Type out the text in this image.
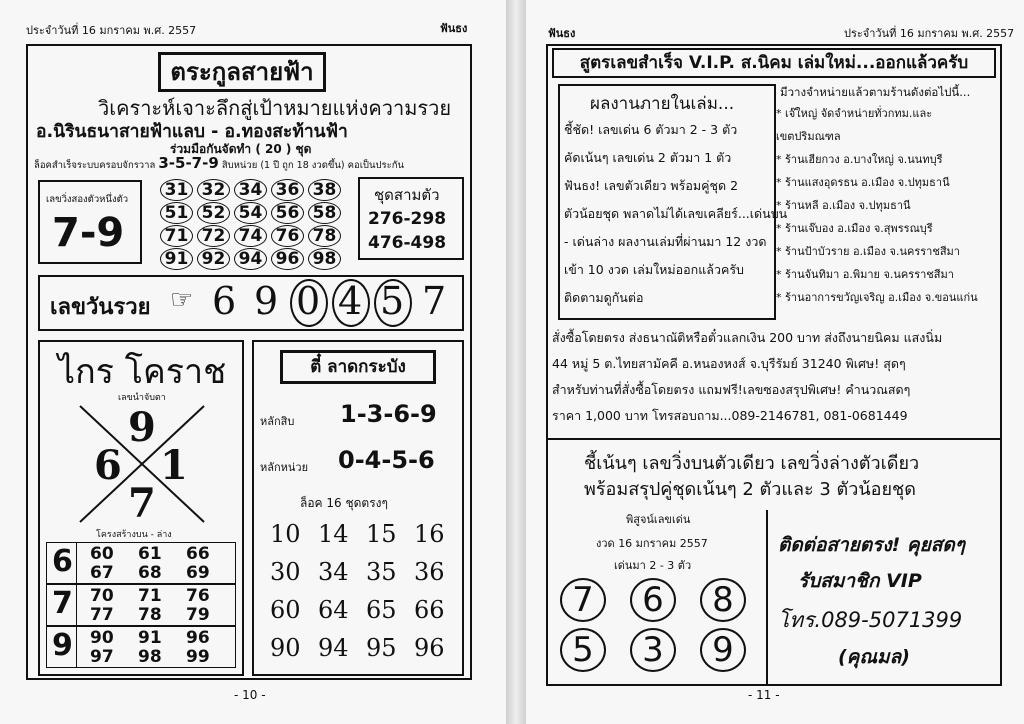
ประจำวันที่ 16 มกราคม พ.ศ. 2557	ฟันธง
ตระกูลสายฟ้า
วิเคราะห์เจาะลึกสู่เป้าหมายแห่งความรวย
อ.นิรินธนาสายฟ้าแลบ - อ.ทองสะท้านฟ้า
ร่วมมือกันจัดทำ ( 20 ) ชุด
ล็อคสำเร็จระบบครอบจักรวาล 3-5-7-9 สิบหน่วย (1 ปี ถูก 18 งวดขึ้น) คอเป็นประกัน
เลขวิ่งสองตัวหนึ่งตัว
7-9
31 32 34 36 38
51 52 54 56 58
71 72 74 76 78
91 92 94 96 98
ชุดสามตัว
276-298
476-498
เลขวันรวย ☞ 6 9 0 4 5 7
ไกร โคราช
เลขนำจับตา
9
6 1
7
โครงสร้างบน - ล่าง
6 60 61 66
67 68 69
7 70 71 76
77 78 79
9 90 91 96
97 98 99
ตี๋ ลาดกระบัง
หลักสิบ 1-3-6-9
หลักหน่วย 0-4-5-6
ล็อค 16 ชุดตรงๆ
10 14 15 16
30 34 35 36
60 64 65 66
90 94 95 96
- 10 -
ฟันธง	ประจำวันที่ 16 มกราคม พ.ศ. 2557
สูตรเลขสำเร็จ V.I.P. ส.นิคม เล่มใหม่...ออกแล้วครับ
ผลงานภายในเล่ม...
ชี้ชัด! เลขเด่น 6 ตัวมา 2 - 3 ตัว
คัดเน้นๆ เลขเด่น 2 ตัวมา 1 ตัว
ฟันธง! เลขตัวเดียว พร้อมคู่ชุด 2
ตัวน้อยชุด พลาดไม่ได้เลขเคลียร์...เด่นบน
- เด่นล่าง ผลงานเล่มที่ผ่านมา 12 งวด
เข้า 10 งวด เล่มใหม่ออกแล้วครับ
ติดตามดูกันต่อ
มีวางจำหน่ายแล้วตามร้านดังต่อไปนี้...
* เจ๊ใหญ่ จัดจำหน่ายทั่วกทม.และ
เขตปริมณฑล
* ร้านเฮียกวง อ.บางใหญ่ จ.นนทบุรี
* ร้านแสงอุดรธน อ.เมือง จ.ปทุมธานี
* ร้านหลี อ.เมือง จ.ปทุมธานี
* ร้านเจ๊บอง อ.เมือง จ.สุพรรณบุรี
* ร้านป้าบัวราย อ.เมือง จ.นครราชสีมา
* ร้านจันทิมา อ.พิมาย จ.นครราชสีมา
* ร้านอาการขวัญเจริญ อ.เมือง จ.ขอนแก่น
สั่งซื้อโดยตรง ส่งธนาณัติหรือตั๋วแลกเงิน 200 บาท ส่งถึงนายนิคม แสงนิ่ม
44 หมู่ 5 ต.ไทยสามัคคี อ.หนองหงส์ จ.บุรีรัมย์ 31240 พิเศษ! สุดๆ
สำหรับท่านที่สั่งซื้อโดยตรง แถมฟรี!เลขซองสรุปพิเศษ! คำนวณสดๆ
ราคา 1,000 บาท โทรสอบถาม...089-2146781, 081-0681449
ชี้เน้นๆ เลขวิ่งบนตัวเดียว เลขวิ่งล่างตัวเดียว
พร้อมสรุปคู่ชุดเน้นๆ 2 ตัวและ 3 ตัวน้อยชุด
พิสูจน์เลขเด่น
งวด 16 มกราคม 2557
เด่นมา 2 - 3 ตัว
7	6	8
5	3	9
ติดต่อสายตรง! คุยสดๆ
รับสมาชิก VIP
โทร.089-5071399
(คุณมล)
- 11 -
